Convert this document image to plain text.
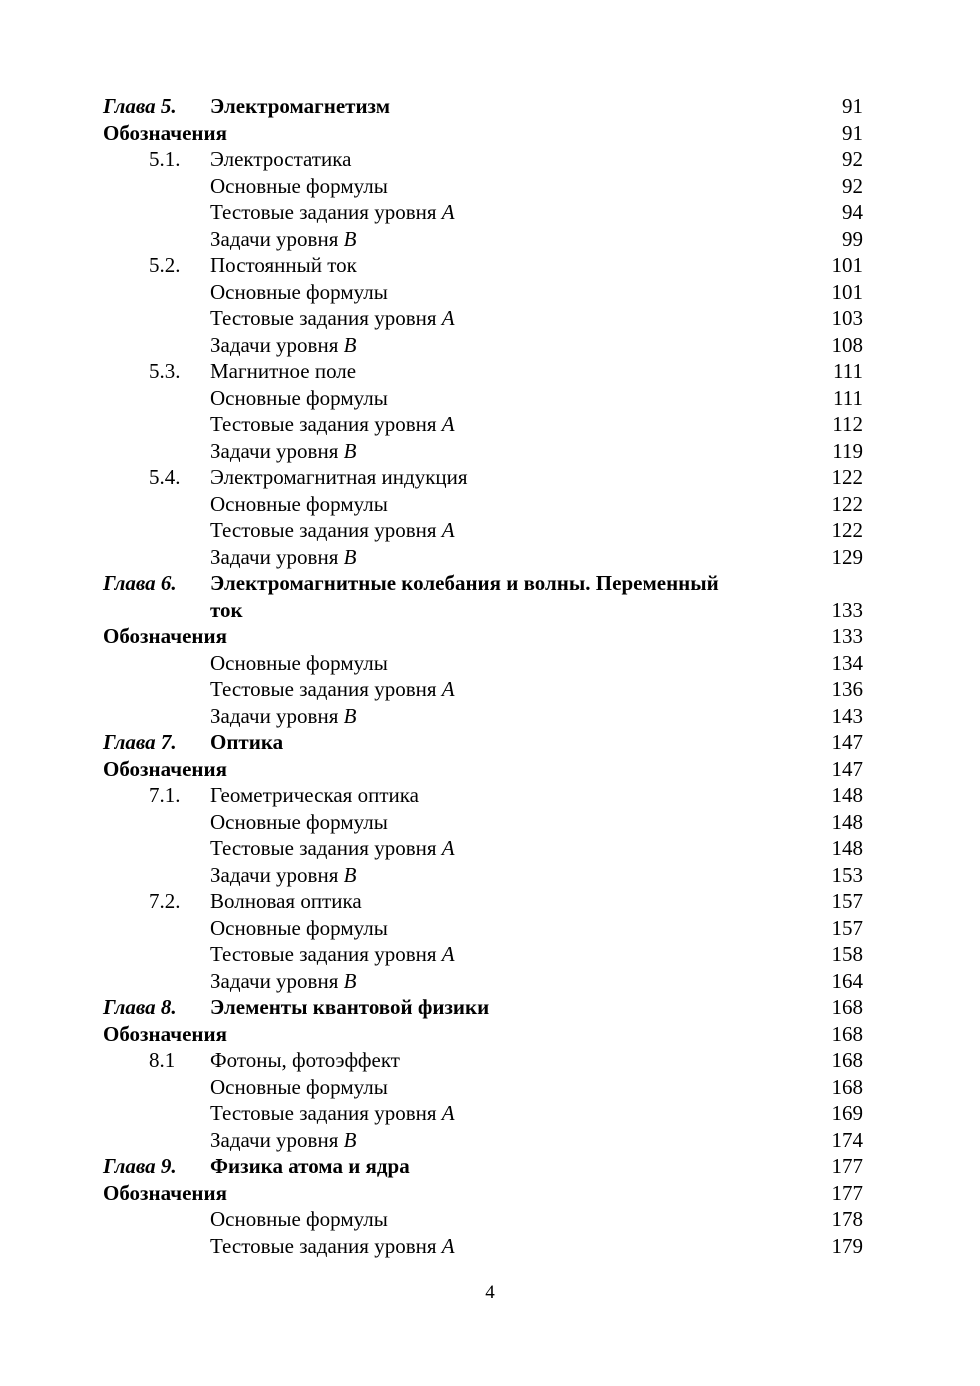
Глава 5. Электромагнетизм	91
Обозначения	91
5.1. Электростатика	92
Основные формулы	92
Тестовые задания уровня A	94
Задачи уровня B	99
5.2. Постоянный ток	101
Основные формулы	101
Тестовые задания уровня A	103
Задачи уровня B	108
5.3. Магнитное поле	111
Основные формулы	111
Тестовые задания уровня A	112
Задачи уровня B	119
5.4. Электромагнитная индукция	122
Основные формулы	122
Тестовые задания уровня A	122
Задачи уровня B	129
Глава 6. Электромагнитные колебания и волны. Переменный
ток	133
Обозначения	133
Основные формулы	134
Тестовые задания уровня A	136
Задачи уровня B	143
Глава 7. Оптика	147
Обозначения	147
7.1. Геометрическая оптика	148
Основные формулы	148
Тестовые задания уровня A	148
Задачи уровня B	153
7.2. Волновая оптика	157
Основные формулы	157
Тестовые задания уровня A	158
Задачи уровня B	164
Глава 8. Элементы квантовой физики	168
Обозначения	168
8.1 Фотоны, фотоэффект	168
Основные формулы	168
Тестовые задания уровня A	169
Задачи уровня B	174
Глава 9. Физика атома и ядра	177
Обозначения	177
Основные формулы	178
Тестовые задания уровня A	179
4
